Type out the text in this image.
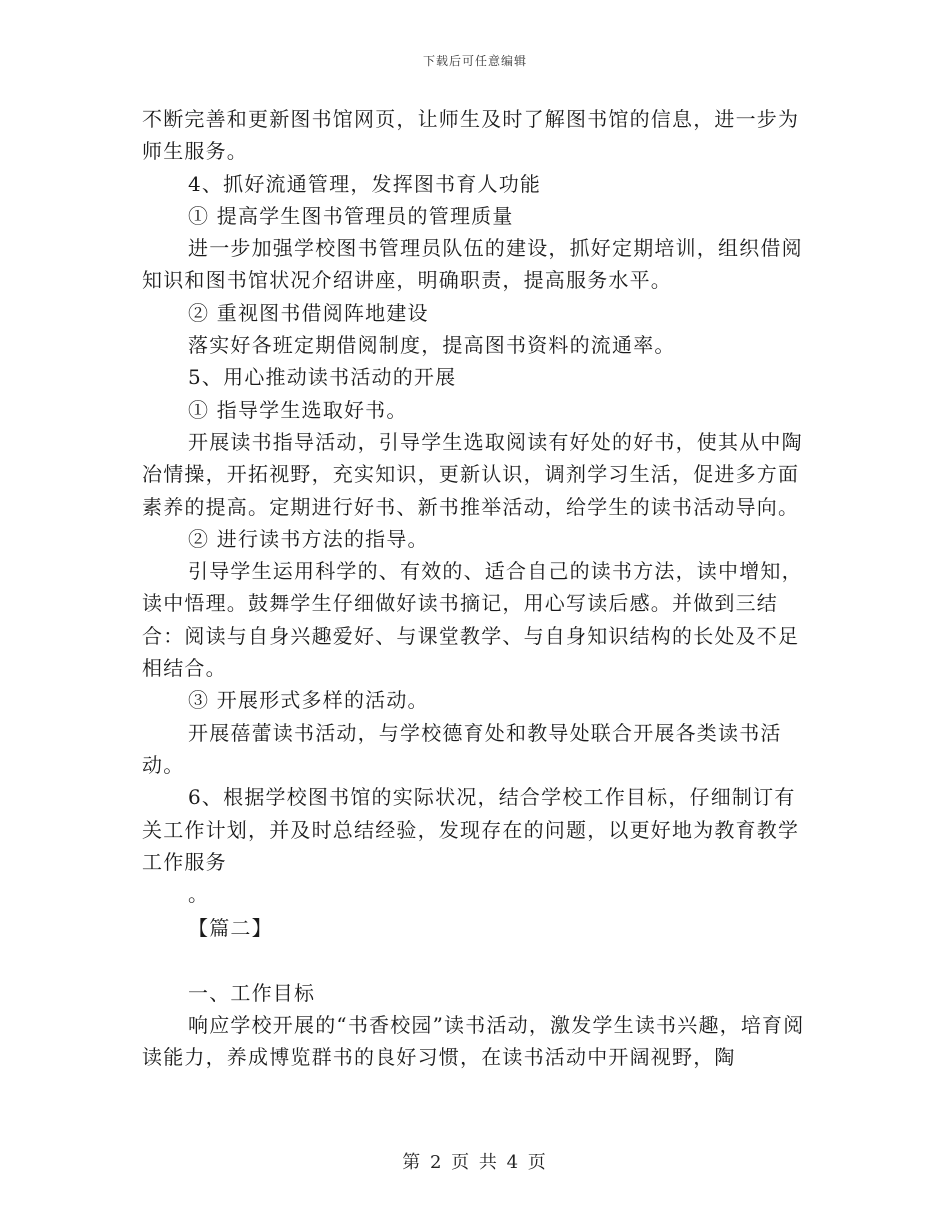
下载后可任意编辑

不断完善和更新图书馆网页，让师生及时了解图书馆的信息，进一步为师生服务。

4、抓好流通管理，发挥图书育人功能

① 提高学生图书管理员的管理质量

进一步加强学校图书管理员队伍的建设，抓好定期培训，组织借阅知识和图书馆状况介绍讲座，明确职责，提高服务水平。

② 重视图书借阅阵地建设

落实好各班定期借阅制度，提高图书资料的流通率。

5、用心推动读书活动的开展

① 指导学生选取好书。

开展读书指导活动，引导学生选取阅读有好处的好书，使其从中陶冶情操，开拓视野，充实知识，更新认识，调剂学习生活，促进多方面素养的提高。定期进行好书、新书推举活动，给学生的读书活动导向。

② 进行读书方法的指导。

引导学生运用科学的、有效的、适合自己的读书方法，读中增知，读中悟理。鼓舞学生仔细做好读书摘记，用心写读后感。并做到三结合：阅读与自身兴趣爱好、与课堂教学、与自身知识结构的长处及不足相结合。

③ 开展形式多样的活动。

开展蓓蕾读书活动，与学校德育处和教导处联合开展各类读书活动。

6、根据学校图书馆的实际状况，结合学校工作目标，仔细制订有关工作计划，并及时总结经验，发现存在的问题，以更好地为教育教学工作服务

。

【篇二】

一、工作目标

响应学校开展的“书香校园”读书活动，激发学生读书兴趣，培育阅读能力，养成博览群书的良好习惯，在读书活动中开阔视野，陶

第 2 页 共 4 页
